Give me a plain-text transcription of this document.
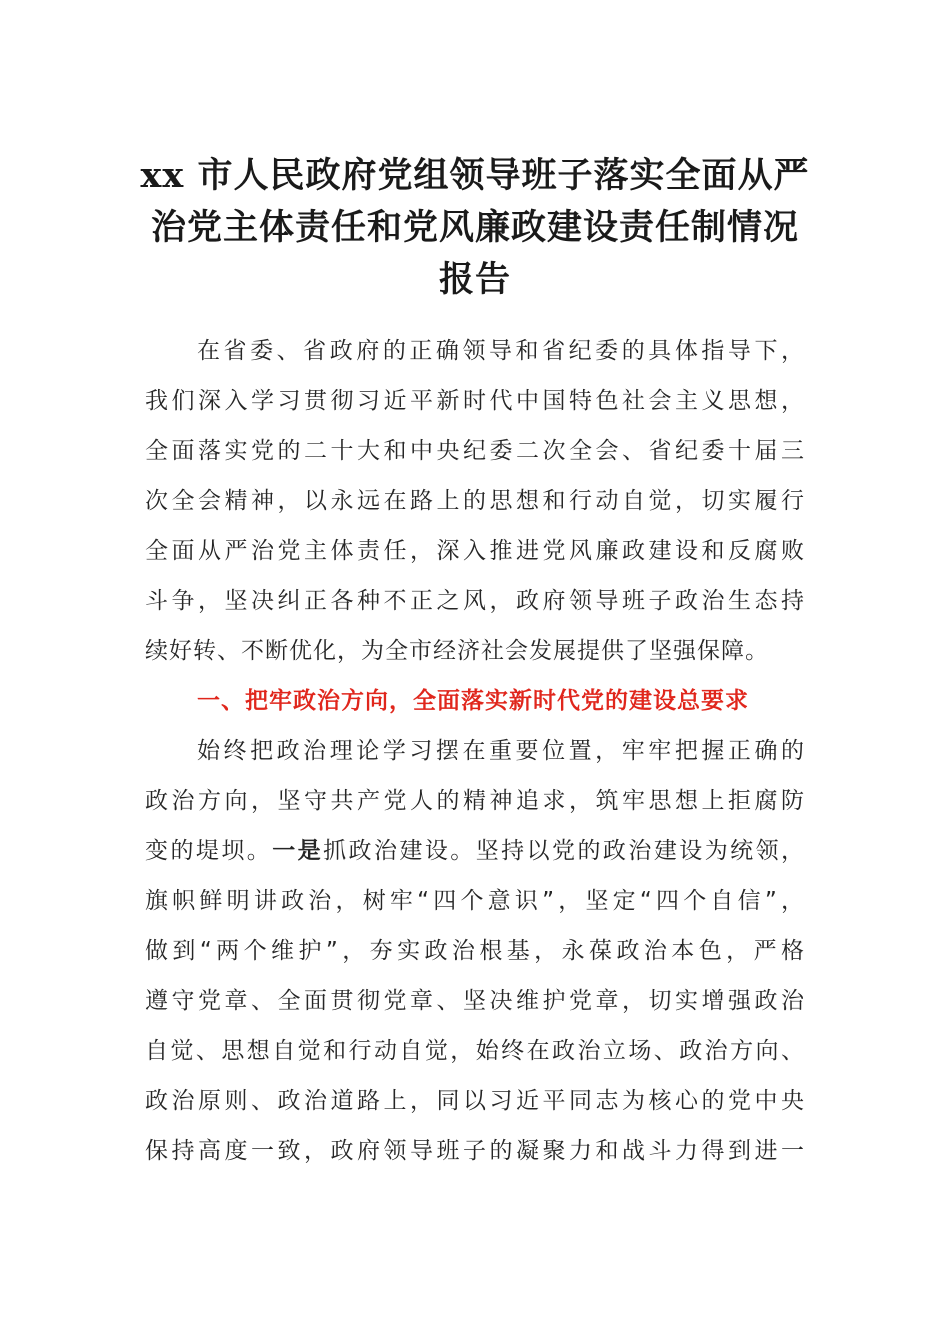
xx 市人民政府党组领导班子落实全面从严
治党主体责任和党风廉政建设责任制情况
报告
在省委、省政府的正确领导和省纪委的具体指导下，
我们深入学习贯彻习近平新时代中国特色社会主义思想，
全面落实党的二十大和中央纪委二次全会、省纪委十届三
次全会精神，以永远在路上的思想和行动自觉，切实履行
全面从严治党主体责任，深入推进党风廉政建设和反腐败
斗争，坚决纠正各种不正之风，政府领导班子政治生态持
续好转、不断优化，为全市经济社会发展提供了坚强保障。
一、把牢政治方向，全面落实新时代党的建设总要求
始终把政治理论学习摆在重要位置，牢牢把握正确的
政治方向，坚守共产党人的精神追求，筑牢思想上拒腐防
变的堤坝。一是抓政治建设。坚持以党的政治建设为统领，
旗帜鲜明讲政治，树牢“四个意识”，坚定“四个自信”，
做到“两个维护”，夯实政治根基，永葆政治本色，严格
遵守党章、全面贯彻党章、坚决维护党章，切实增强政治
自觉、思想自觉和行动自觉，始终在政治立场、政治方向、
政治原则、政治道路上，同以习近平同志为核心的党中央
保持高度一致，政府领导班子的凝聚力和战斗力得到进一
